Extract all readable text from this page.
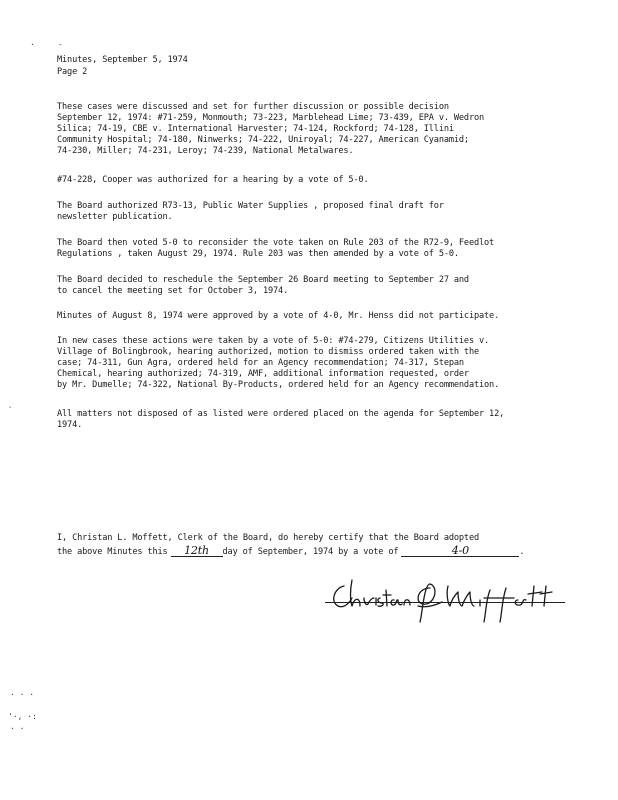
·	-
Minutes, September 5, 1974
Page 2
These cases were discussed and set for further discussion or possible decision
September 12, 1974: #71-259, Monmouth; 73-223, Marblehead Lime; 73-439, EPA v. Wedron
Silica; 74-19, CBE v. International Harvester; 74-124, Rockford; 74-128, Illini
Community Hospital; 74-180, Ninwerks; 74-222, Uniroyal; 74-227, American Cyanamid;
74-230, Miller; 74-231, Leroy; 74-239, National Metalwares.
#74-228, Cooper was authorized for a hearing by a vote of 5-0.
The Board authorized R73-13, Public Water Supplies , proposed final draft for
newsletter publication.
The Board then voted 5-0 to reconsider the vote taken on Rule 203 of the R72-9, Feedlot
Regulations , taken August 29, 1974. Rule 203 was then amended by a vote of 5-0.
The Board decided to reschedule the September 26 Board meeting to September 27 and
to cancel the meeting set for October 3, 1974.
Minutes of August 8, 1974 were approved by a vote of 4-0, Mr. Henss did not participate.
In new cases these actions were taken by a vote of 5-0: #74-279, Citizens Utilities v.
Village of Bolingbrook, hearing authorized, motion to dismiss ordered taken with the
case; 74-311, Gun Agra, ordered held for an Agency recommendation; 74-317, Stepan
Chemical, hearing authorized; 74-319, AMF, additional information requested, order
by Mr. Dumelle; 74-322, National By-Products, ordered held for an Agency recommendation.
All matters not disposed of as listed were ordered placed on the agenda for September 12,
1974.
`
I, Christan L. Moffett, Clerk of the Board, do hereby certify that the Board adopted
the above Minutes this 12th day of September, 1974 by a vote of	4-0	.
· · ·
'·, ·:
· ·
